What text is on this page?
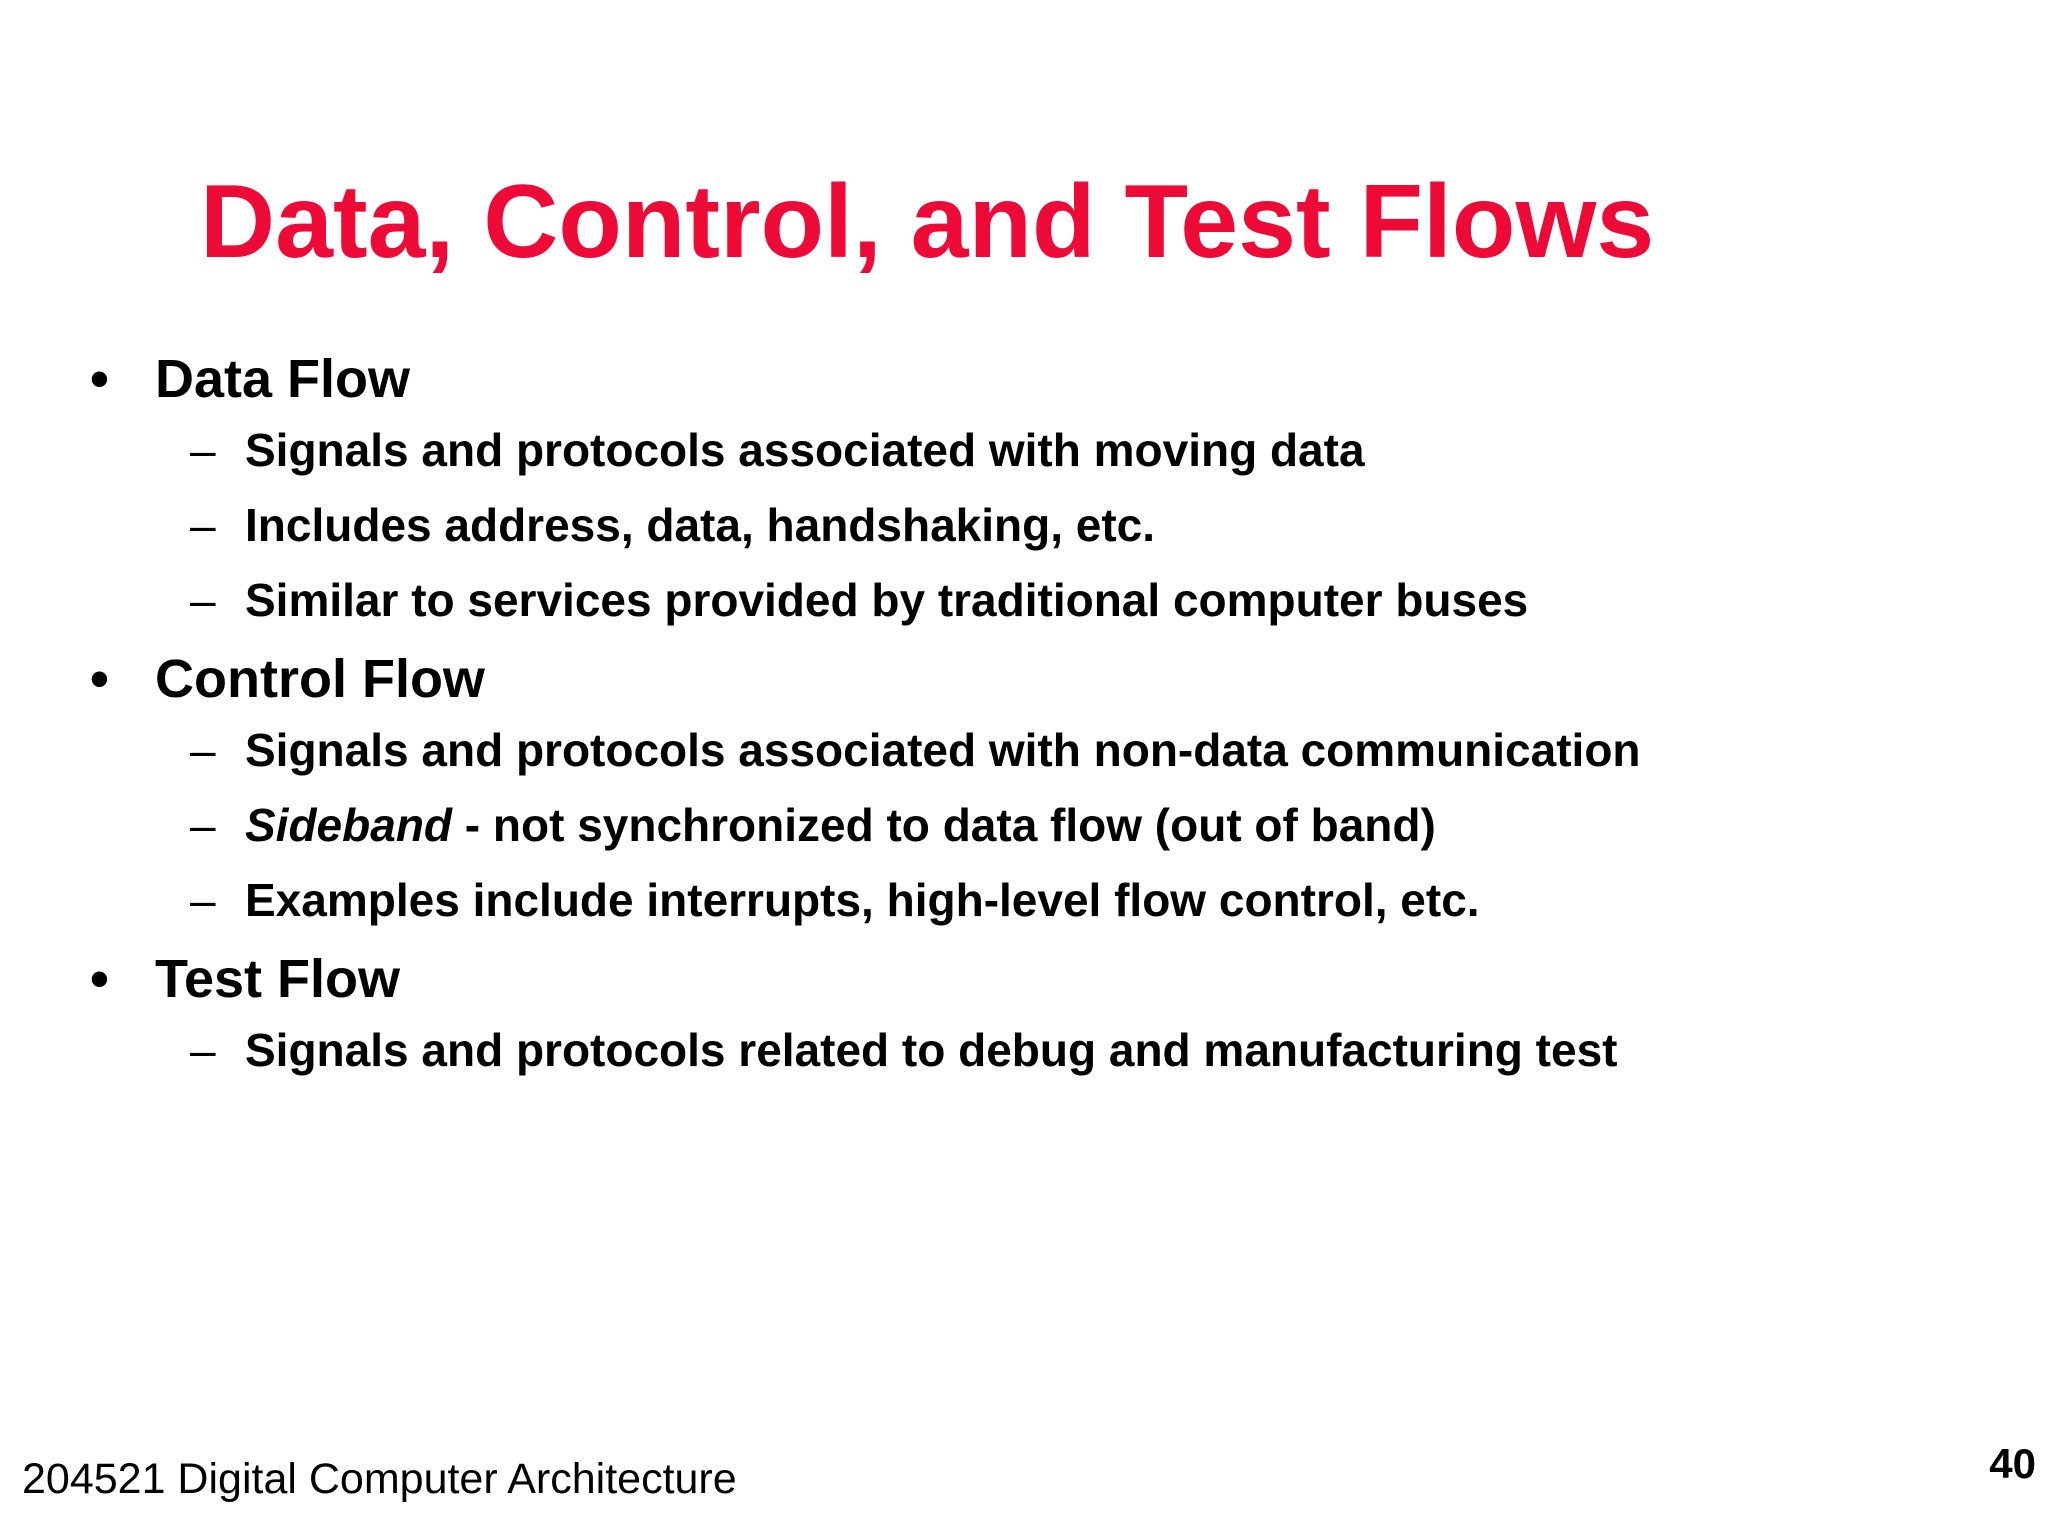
Data, Control, and Test Flows
• Data Flow
– Signals and protocols associated with moving data
– Includes address, data, handshaking, etc.
– Similar to services provided by traditional computer buses
• Control Flow
– Signals and protocols associated with non-data communication
– Sideband - not synchronized to data flow (out of band)
– Examples include interrupts, high-level flow control, etc.
• Test Flow
– Signals and protocols related to debug and manufacturing test
204521 Digital Computer Architecture	40
